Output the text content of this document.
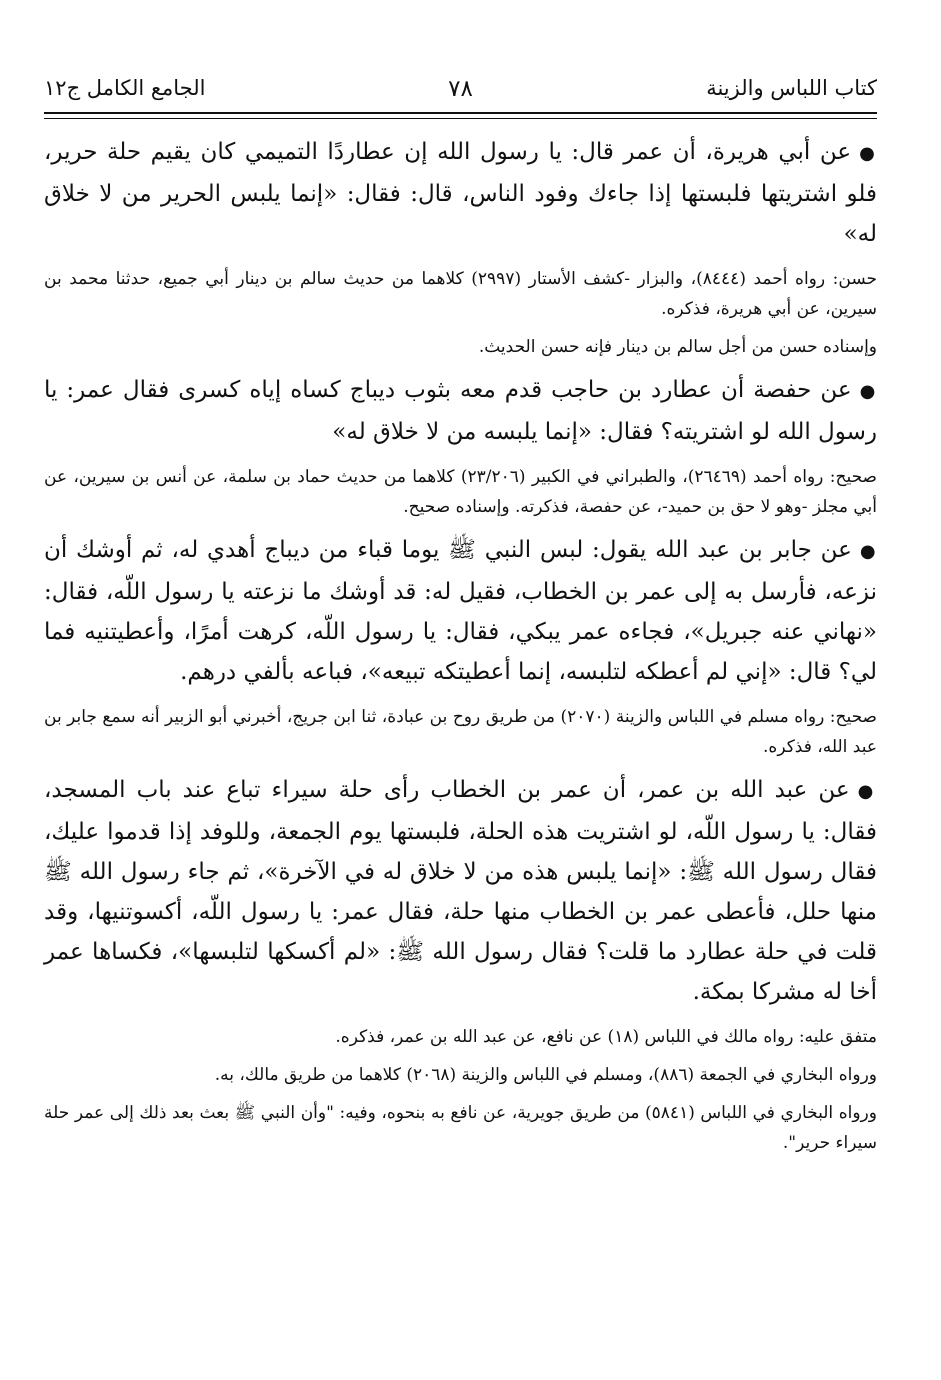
الجامع الكامل ج١٢	٧٨	كتاب اللباس والزينة

●عن أبي هريرة، أن عمر قال: يا رسول الله إن عطاردًا التميمي كان يقيم حلة حرير، فلو اشتريتها فلبستها إذا جاءك وفود الناس، قال: فقال: «إنما يلبس الحرير من لا خلاق له»

حسن: رواه أحمد (٨٤٤٤)، والبزار -كشف الأستار (٢٩٩٧) كلاهما من حديث سالم بن دينار أبي جميع، حدثنا محمد بن سيرين، عن أبي هريرة، فذكره.

وإسناده حسن من أجل سالم بن دينار فإنه حسن الحديث.

●عن حفصة أن عطارد بن حاجب قدم معه بثوب ديباج كساه إياه كسرى فقال عمر: يا رسول الله لو اشتريته؟ فقال: «إنما يلبسه من لا خلاق له»

صحيح: رواه أحمد (٢٦٤٦٩)، والطبراني في الكبير (٢٣/٢٠٦) كلاهما من حديث حماد بن سلمة، عن أنس بن سيرين، عن أبي مجلز -وهو لا حق بن حميد-، عن حفصة، فذكرته. وإسناده صحيح.

●عن جابر بن عبد الله يقول: لبس النبي ﷺ يوما قباء من ديباج أهدي له، ثم أوشك أن نزعه، فأرسل به إلى عمر بن الخطاب، فقيل له: قد أوشك ما نزعته يا رسول اللّه، فقال: «نهاني عنه جبريل»، فجاءه عمر يبكي، فقال: يا رسول اللّه، كرهت أمرًا، وأعطيتنيه فما لي؟ قال: «إني لم أعطكه لتلبسه، إنما أعطيتكه تبيعه»، فباعه بألفي درهم.

صحيح: رواه مسلم في اللباس والزينة (٢٠٧٠) من طريق روح بن عبادة، ثنا ابن جريج، أخبرني أبو الزبير أنه سمع جابر بن عبد الله، فذكره.

●عن عبد الله بن عمر، أن عمر بن الخطاب رأى حلة سيراء تباع عند باب المسجد، فقال: يا رسول اللّه، لو اشتريت هذه الحلة، فلبستها يوم الجمعة، وللوفد إذا قدموا عليك، فقال رسول الله ﷺ: «إنما يلبس هذه من لا خلاق له في الآخرة»، ثم جاء رسول الله ﷺ منها حلل، فأعطى عمر بن الخطاب منها حلة، فقال عمر: يا رسول اللّه، أكسوتنيها، وقد قلت في حلة عطارد ما قلت؟ فقال رسول الله ﷺ: «لم أكسكها لتلبسها»، فكساها عمر أخا له مشركا بمكة.

متفق عليه: رواه مالك في اللباس (١٨) عن نافع، عن عبد الله بن عمر، فذكره.

ورواه البخاري في الجمعة (٨٨٦)، ومسلم في اللباس والزينة (٢٠٦٨) كلاهما من طريق مالك، به.

ورواه البخاري في اللباس (٥٨٤١) من طريق جويرية، عن نافع به بنحوه، وفيه: "وأن النبي ﷺ بعث بعد ذلك إلى عمر حلة سيراء حرير".
